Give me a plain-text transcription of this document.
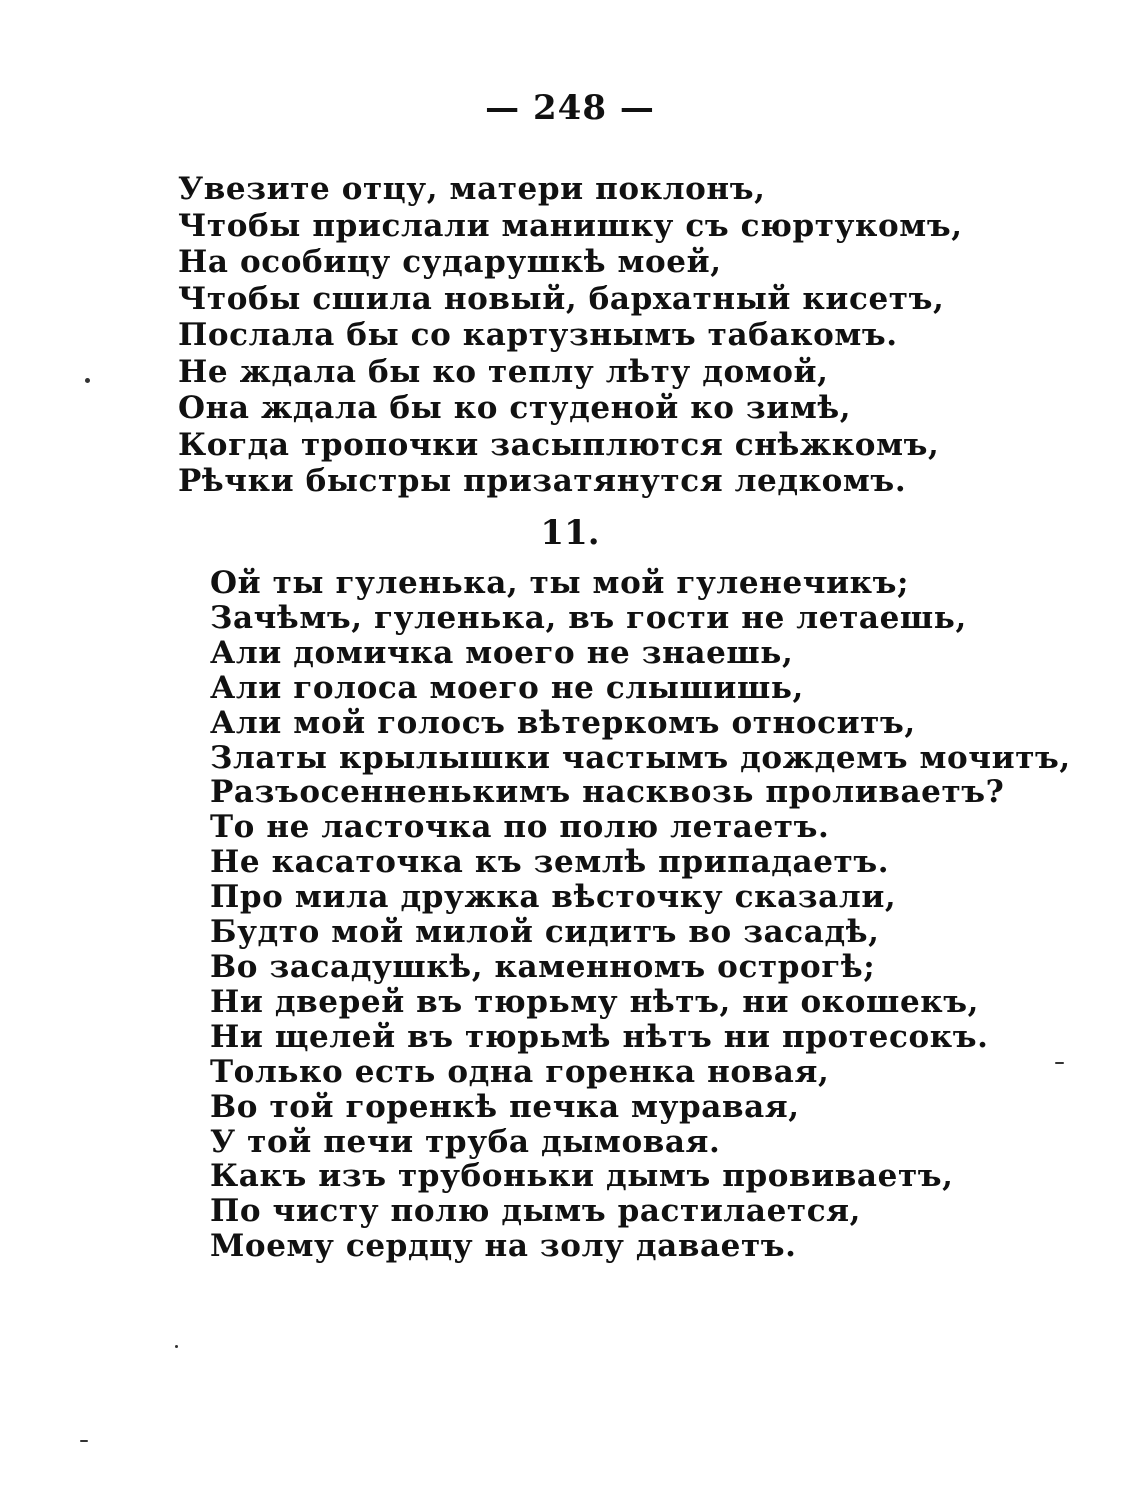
— 248 —
Увезите отцу, матери поклонъ,
Чтобы прислали манишку съ сюртукомъ,
На особицу сударушкѣ моей,
Чтобы сшила новый, бархатный кисетъ,
Послала бы со картузнымъ табакомъ.
Не ждала бы ко теплу лѣту домой,
Она ждала бы ко студеной ко зимѣ,
Когда тропочки засыплются снѣжкомъ,
Рѣчки быстры призатянутся ледкомъ.
11.
Ой ты гуленька, ты мой гуленечикъ;
Зачѣмъ, гуленька, въ гости не летаешь,
Али домичка моего не знаешь,
Али голоса моего не слышишь,
Али мой голосъ вѣтеркомъ относитъ,
Златы крылышки частымъ дождемъ мочитъ,
Разъосенненькимъ насквозь проливаетъ?
То не ласточка по полю летаетъ.
Не касаточка къ землѣ припадаетъ.
Про мила дружка вѣсточку сказали,
Будто мой милой сидитъ во засадѣ,
Во засадушкѣ, каменномъ острогѣ;
Ни дверей въ тюрьму нѣтъ, ни окошекъ,
Ни щелей въ тюрьмѣ нѣтъ ни протесокъ.
Только есть одна горенка новая,
Во той горенкѣ печка муравая,
У той печи труба дымовая.
Какъ изъ трубоньки дымъ провиваетъ,
По чисту полю дымъ растилается,
Моему сердцу на золу даваетъ.
